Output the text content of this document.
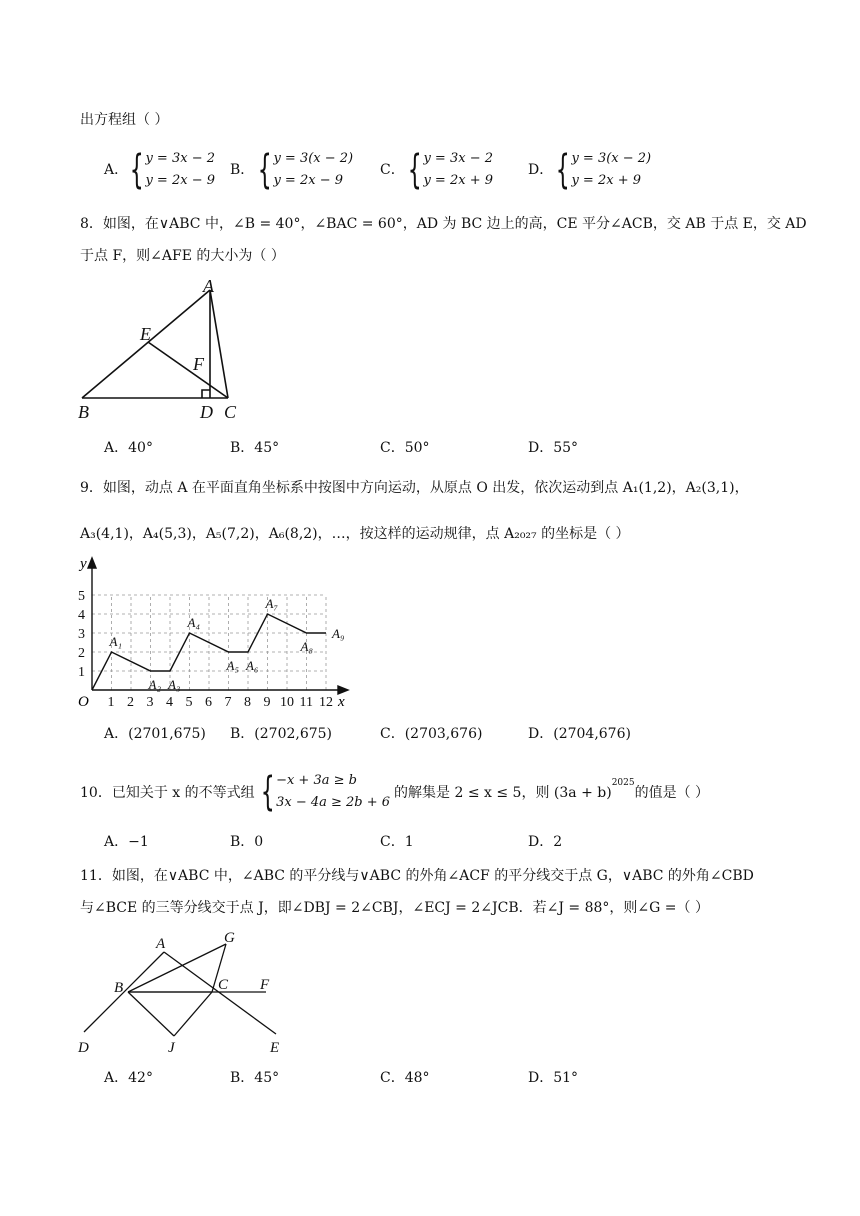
出方程组（ ）
A． { y = 3x − 2
y = 2x − 9
B． { y = 3(x − 2)
y = 2x − 9
C． { y = 3x − 2
y = 2x + 9
D． { y = 3(x − 2)
y = 2x + 9
8．如图，在∨ABC 中，∠B = 40°，∠BAC = 60°，AD 为 BC 边上的高，CE 平分∠ACB，交 AB 于点 E，交 AD
于点 F，则∠AFE 的大小为（ ）
A
B	C
D
E
F
A．40°	B．45°	C．50°	D．55°
9．如图，动点 A 在平面直角坐标系中按图中方向运动，从原点 O 出发，依次运动到点 A₁(1,2)，A₂(3,1)，
A₃(4,1)，A₄(5,3)，A₅(7,2)，A₆(8,2)，…，按这样的运动规律，点 A₂₀₂₇ 的坐标是（ ）
1 2 3 4 5 6 7 8 9 10 11 12
1
2
3
4
5
A₁
A₂ A₃
A₄
A₅ A₆
A₇
A₈
A₉
O	x
y
A．(2701,675) B．(2702,675)	C．(2703,676)	D．(2704,676)
10．已知关于 x 的不等式组 { −x + 3a ≥ b
3x − 4a ≥ 2b + 6
的解集是 2 ≤ x ≤ 5，则 (3a + b)
$^{2025}$
的值是（ ）
A．−1	B．0	C．1	D．2
11．如图，在∨ABC 中，∠ABC 的平分线与∨ABC 的外角∠ACF 的平分线交于点 G，∨ABC 的外角∠CBD
与∠BCE 的三等分线交于点 J，即∠DBJ = 2∠CBJ，∠ECJ = 2∠JCB．若∠J = 88°，则∠G =（ ）
A
B	C
D	E
F
G
J
A．42°	B．45°	C．48°	D．51°
